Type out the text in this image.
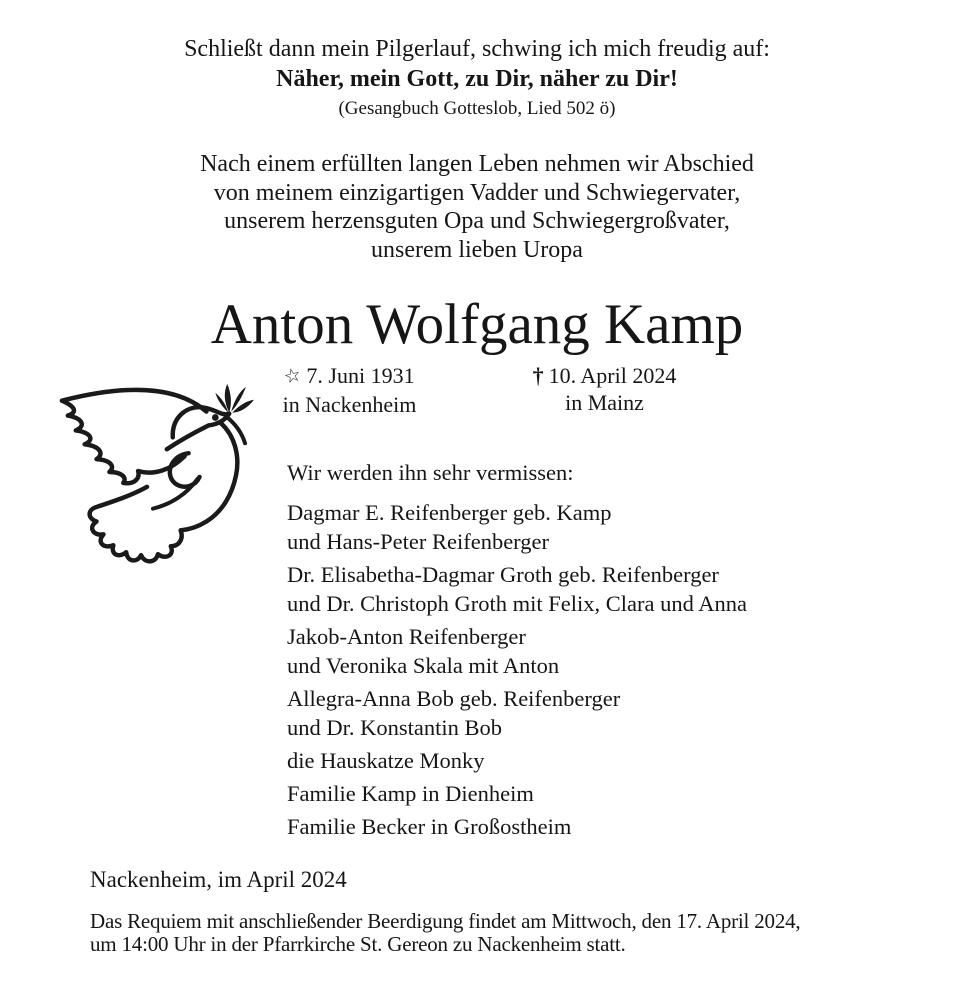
Schließt dann mein Pilgerlauf, schwing ich mich freudig auf:
Näher, mein Gott, zu Dir, näher zu Dir!
(Gesangbuch Gotteslob, Lied 502 ö)
Nach einem erfüllten langen Leben nehmen wir Abschied
von meinem einzigartigen Vadder und Schwiegervater,
unserem herzensguten Opa und Schwiegergroßvater,
unserem lieben Uropa
Anton Wolfgang Kamp
☆ 7. Juni 1931
in Nackenheim
† 10. April 2024
in Mainz

Wir werden ihn sehr vermissen:

Dagmar E. Reifenberger geb. Kamp
und Hans-Peter Reifenberger
Dr. Elisabetha-Dagmar Groth geb. Reifenberger
und Dr. Christoph Groth mit Felix, Clara und Anna
Jakob-Anton Reifenberger
und Veronika Skala mit Anton
Allegra-Anna Bob geb. Reifenberger
und Dr. Konstantin Bob
die Hauskatze Monky
Familie Kamp in Dienheim
Familie Becker in Großostheim
Nackenheim, im April 2024
Das Requiem mit anschließender Beerdigung findet am Mittwoch, den 17. April 2024,
um 14:00 Uhr in der Pfarrkirche St. Gereon zu Nackenheim statt.
